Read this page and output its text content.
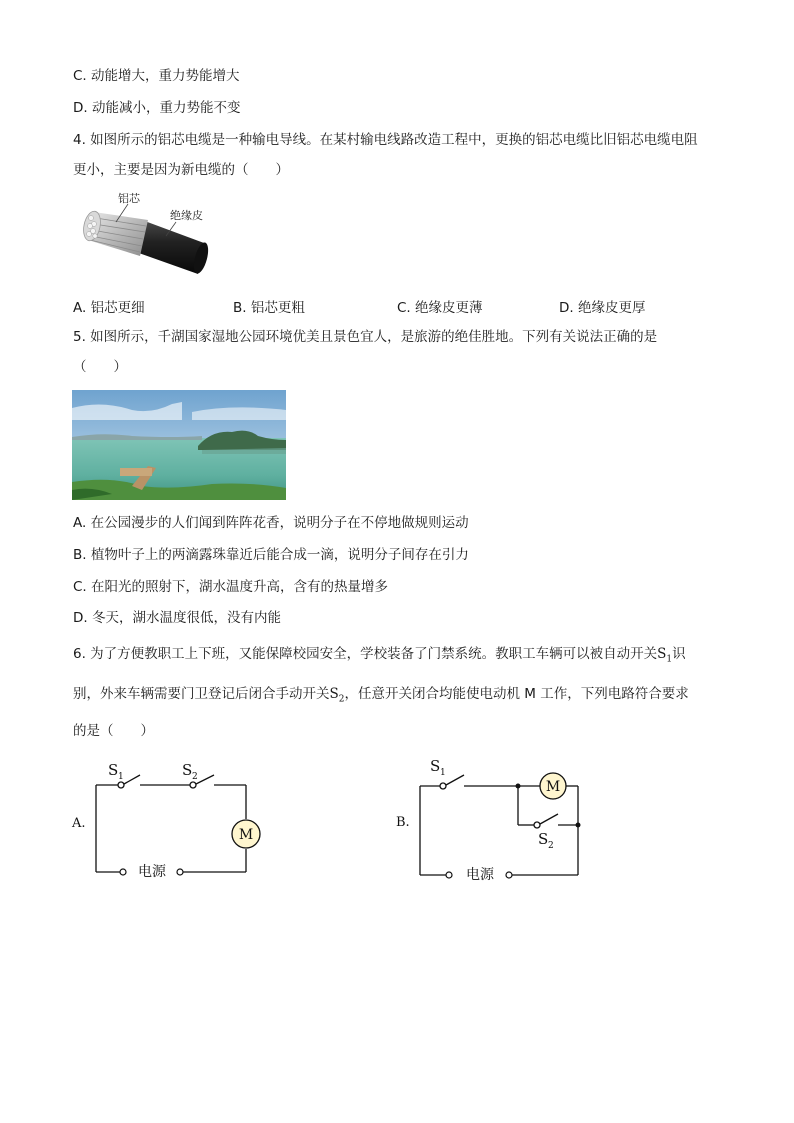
C. 动能增大，重力势能增大
D. 动能减小，重力势能不变
4. 如图所示的铝芯电缆是一种输电导线。在某村输电线路改造工程中，更换的铝芯电缆比旧铝芯电缆电阻
更小，主要是因为新电缆的（　　）
铝芯
绝缘皮
A. 铝芯更细	B. 铝芯更粗	C. 绝缘皮更薄	D. 绝缘皮更厚
5. 如图所示，千湖国家湿地公园环境优美且景色宜人，是旅游的绝佳胜地。下列有关说法正确的是
（　　）
A. 在公园漫步的人们闻到阵阵花香，说明分子在不停地做规则运动
B. 植物叶子上的两滴露珠靠近后能合成一滴，说明分子间存在引力
C. 在阳光的照射下，湖水温度升高，含有的热量增多
D. 冬天，湖水温度很低，没有内能
6. 为了方便教职工上下班，又能保障校园安全，学校装备了门禁系统。教职工车辆可以被自动开关$S_1$识
别，外来车辆需要门卫登记后闭合手动开关$S_2$，任意开关闭合均能使电动机 M 工作，下列电路符合要求
的是（　　）
M
S 1	S 2
电源
A.
M
S 1
S 2
电源
B.
